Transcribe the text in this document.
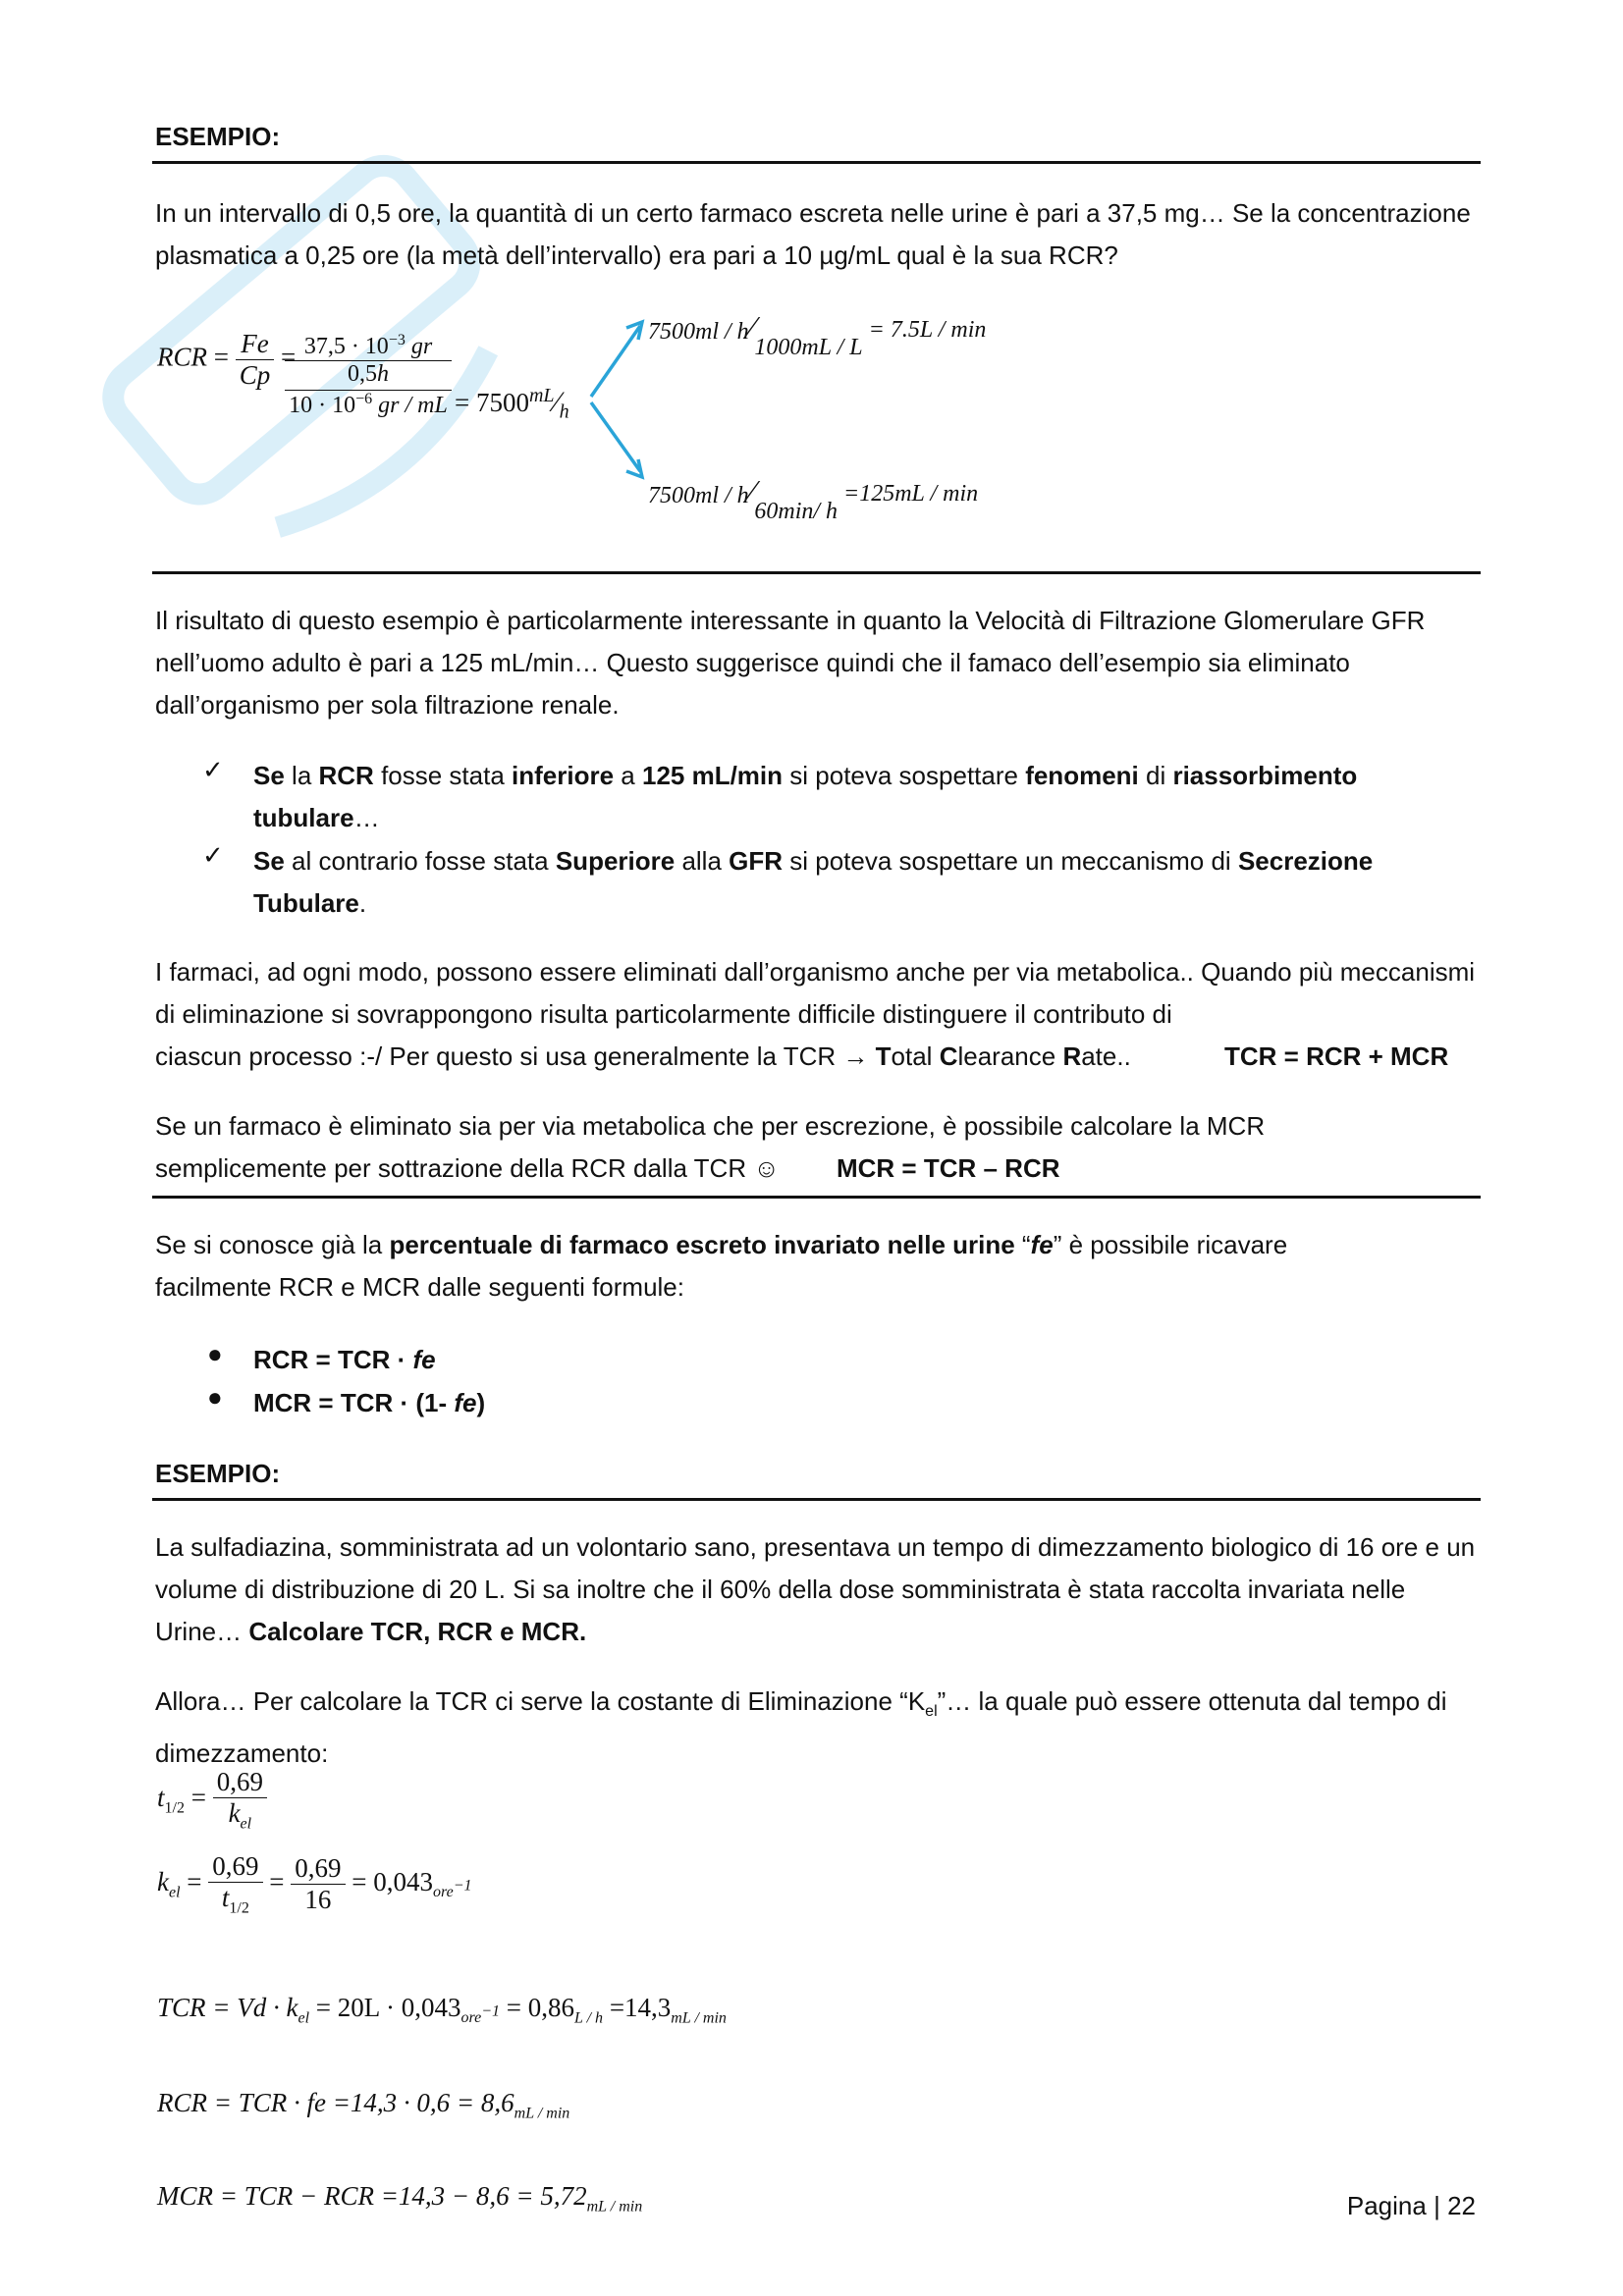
ESEMPIO:
In un intervallo di 0,5 ore, la quantità di un certo farmaco escreta nelle urine è pari a 37,5 mg… Se la concentrazione plasmatica a 0,25 ore (la metà dell’intervallo) era pari a 10 µg/mL qual è la sua RCR?
RCR = $\frac{Fe}{Cp} = 37,5 \cdot 10^{-3}$ gr
0,5h
$10 \cdot 10^{-6}$ gr / mL = $7500^{mL}⁄_h$
7500ml / h⁄1000mL / L = 7.5L / min
7500ml / h⁄60min/ h =125mL / min
Il risultato di questo esempio è particolarmente interessante in quanto la Velocità di Filtrazione Glomerulare GFR nell’uomo adulto è pari a 125 mL/min… Questo suggerisce quindi che il famaco dell’esempio sia eliminato dall’organismo per sola filtrazione renale.
✓ Se la RCR fosse stata inferiore a 125 mL/min si poteva sospettare fenomeni di riassorbimento
tubulare…
✓ Se al contrario fosse stata Superiore alla GFR si poteva sospettare un meccanismo di Secrezione
Tubulare.
I farmaci, ad ogni modo, possono essere eliminati dall’organismo anche per via metabolica.. Quando più meccanismi di eliminazione si sovrappongono risulta particolarmente difficile distinguere il contributo di
ciascun processo :-/ Per questo si usa generalmente la TCR → Total Clearance Rate..	TCR = RCR + MCR
Se un farmaco è eliminato sia per via metabolica che per escrezione, è possibile calcolare la MCR
semplicemente per sottrazione della RCR dalla TCR ☺ MCR = TCR – RCR
Se si conosce già la percentuale di farmaco escreto invariato nelle urine “fe” è possibile ricavare
facilmente RCR e MCR dalle seguenti formule:
● RCR = TCR · fe
● MCR = TCR · (1- fe)
ESEMPIO:
La sulfadiazina, somministrata ad un volontario sano, presentava un tempo di dimezzamento biologico di 16 ore e un volume di distribuzione di 20 L. Si sa inoltre che il 60% della dose somministrata è stata raccolta invariata nelle Urine… Calcolare TCR, RCR e MCR.
Allora… Per calcolare la TCR ci serve la costante di Eliminazione “$K_{el}”\dots$ la quale può essere ottenuta dal tempo di dimezzamento:
$t_{1/2} = \frac{0,69}{k_{el}}$
$k_{el} = \frac{0,69}{t_{1/2}} = \frac{0,69}{16} = 0,043_{ore^{-1}}$
TCR = $Vd \cdot k_{el} = 20L \cdot 0,043_{ore^{-1}} = 0,86_{L / h} =14,3_{mL / min}$
RCR = TCR · fe $=14,3 \cdot 0,6 = 8,6_{mL / min}$
MCR = TCR − RCR $=14,3 - 8,6 = 5,72_{mL / min}$	Pagina | 22
